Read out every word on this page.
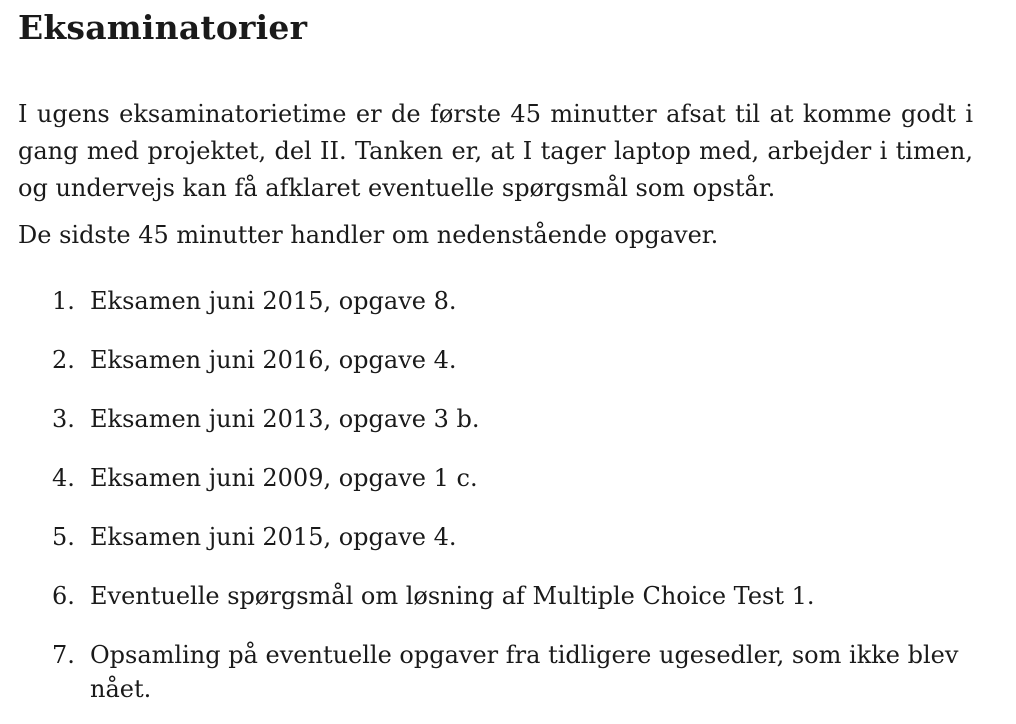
Eksaminatorier

I ugens eksaminatorietime er de første 45 minutter afsat til at komme godt i gang med projektet, del II. Tanken er, at I tager laptop med, arbejder i timen, og undervejs kan få afklaret eventuelle spørgsmål som opstår.

De sidste 45 minutter handler om nedenstående opgaver.

1. Eksamen juni 2015, opgave 8.
2. Eksamen juni 2016, opgave 4.
3. Eksamen juni 2013, opgave 3 b.
4. Eksamen juni 2009, opgave 1 c.
5. Eksamen juni 2015, opgave 4.
6. Eventuelle spørgsmål om løsning af Multiple Choice Test 1.
7. Opsamling på eventuelle opgaver fra tidligere ugesedler, som ikke blev nået.
